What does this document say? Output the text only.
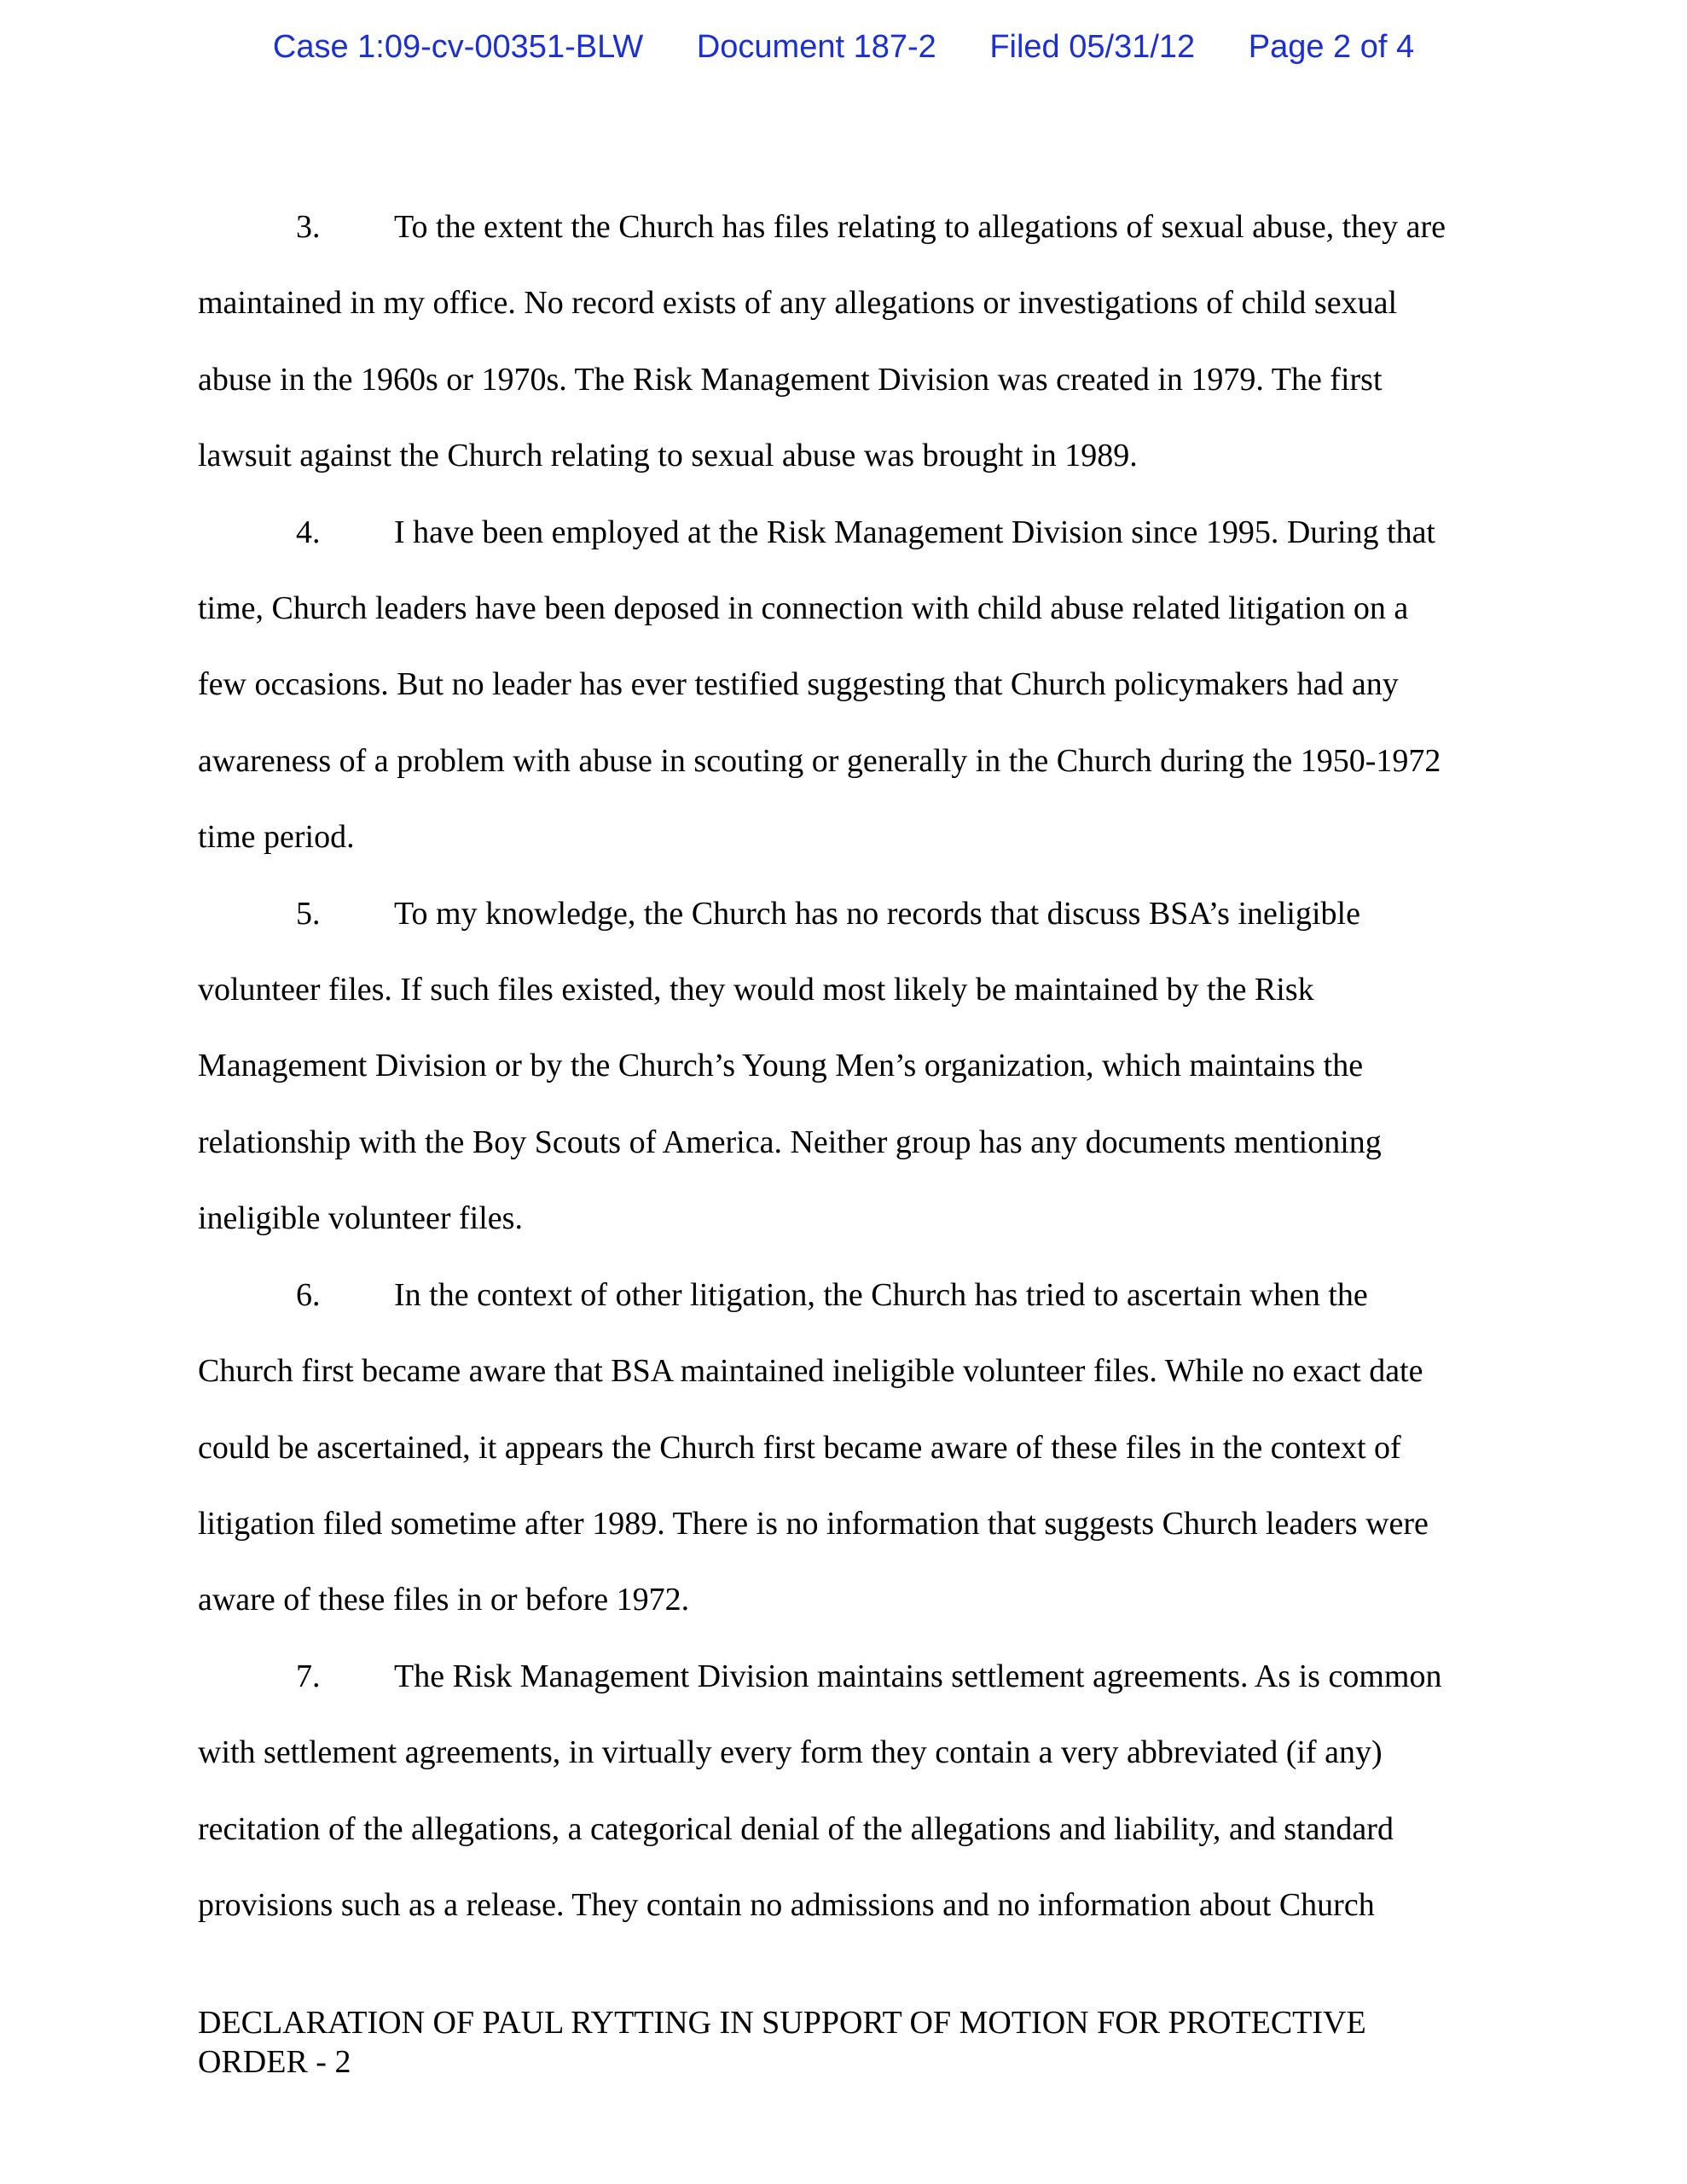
Case 1:09-cv-00351-BLW Document 187-2 Filed 05/31/12 Page 2 of 4

3. To the extent the Church has files relating to allegations of sexual abuse, they are
maintained in my office. No record exists of any allegations or investigations of child sexual
abuse in the 1960s or 1970s. The Risk Management Division was created in 1979. The first
lawsuit against the Church relating to sexual abuse was brought in 1989.

4. I have been employed at the Risk Management Division since 1995. During that
time, Church leaders have been deposed in connection with child abuse related litigation on a
few occasions. But no leader has ever testified suggesting that Church policymakers had any
awareness of a problem with abuse in scouting or generally in the Church during the 1950-1972
time period.

5. To my knowledge, the Church has no records that discuss BSA’s ineligible
volunteer files. If such files existed, they would most likely be maintained by the Risk
Management Division or by the Church’s Young Men’s organization, which maintains the
relationship with the Boy Scouts of America. Neither group has any documents mentioning
ineligible volunteer files.

6. In the context of other litigation, the Church has tried to ascertain when the
Church first became aware that BSA maintained ineligible volunteer files. While no exact date
could be ascertained, it appears the Church first became aware of these files in the context of
litigation filed sometime after 1989. There is no information that suggests Church leaders were
aware of these files in or before 1972.

7. The Risk Management Division maintains settlement agreements. As is common
with settlement agreements, in virtually every form they contain a very abbreviated (if any)
recitation of the allegations, a categorical denial of the allegations and liability, and standard
provisions such as a release. They contain no admissions and no information about Church

DECLARATION OF PAUL RYTTING IN SUPPORT OF MOTION FOR PROTECTIVE
ORDER - 2
